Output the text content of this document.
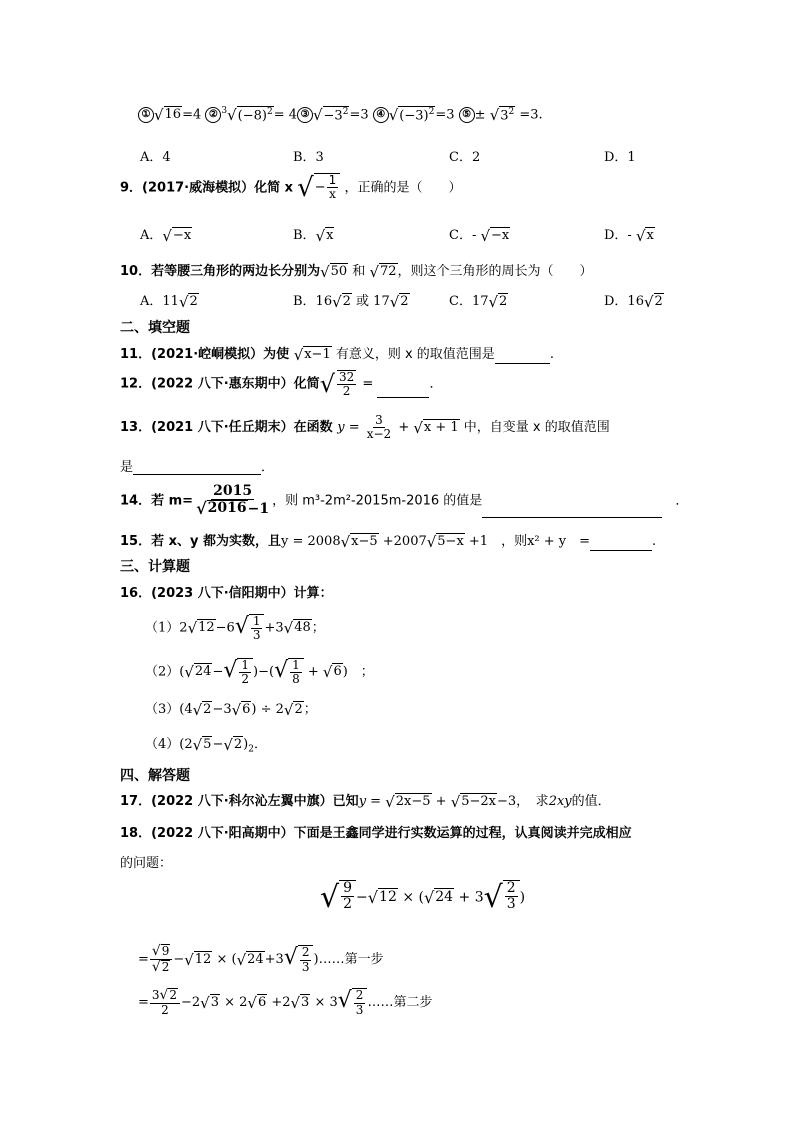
① √16=4 ② $^3√(-8)^2= 4$ ③ $√-3^2=3$ ④ $√(-3)^2=3$ ⑤ ± $√3^2 =3$.
A．4	B．3	C．2	D．1
9．(2017·威海模拟）化简 x √− $\frac{1}{x}$ ，正确的是（　　）
A．√−x	B．√x	C．- √−x	D．- √x
10．若等腰三角形的两边长分别为√50 和 √72，则这个三角形的周长为（　　）
A．11√2	B．16√2 或 17√2	C．17√2	D．16√2
二、填空题
11．(2021·崆峒模拟）为使 √x−1 有意义，则 x 的取值范围是	.
12．(2022 八下·惠东期中）化简√ $\frac{32}{2}$ =	．
13．(2021 八下·任丘期末）在函数 $y = \frac{3}{x-2} + √x + 1$ 中，自变量 x 的取值范围
是	．
14．若 $m= \frac{2015}{√2016-1}$ ，则 m³-2m²-2015m-2016 的值是　	．
15．若 x、y 都为实数，且y = 2008√x−5 +2007√5−x +1　，则x² + y　=	.
三、计算题
16．(2023 八下·信阳期中）计算：
$(1)2√12-6√ \frac{1}{3} +3√48$；
$(2)(√24-√ \frac{1}{2}$ )−(√ $\frac{1}{8} + √6$)　；
（3）(4√2−3√6) ÷ 2√2；
$(4)(2√5-√2)_2$．
四、解答题
17．(2022 八下·科尔沁左翼中旗）已知y = √2x−5 + √5−2x−3，　求2xy的值．
18．(2022 八下·阳高期中）下面是王鑫同学进行实数运算的过程，认真阅读并完成相应
的问题：
√ $\frac{9}{2} -√12 \times (√24 + 3√ \frac{2}{3}$ )
= $\frac{√9}{√2} -√12 \times (√24+3√ \frac{2}{3}$ )……第一步
= $\frac{3√2}{2} -2√3 \times 2√6 +2√3 \times 3√ \frac{2}{3}$ ……第二步
